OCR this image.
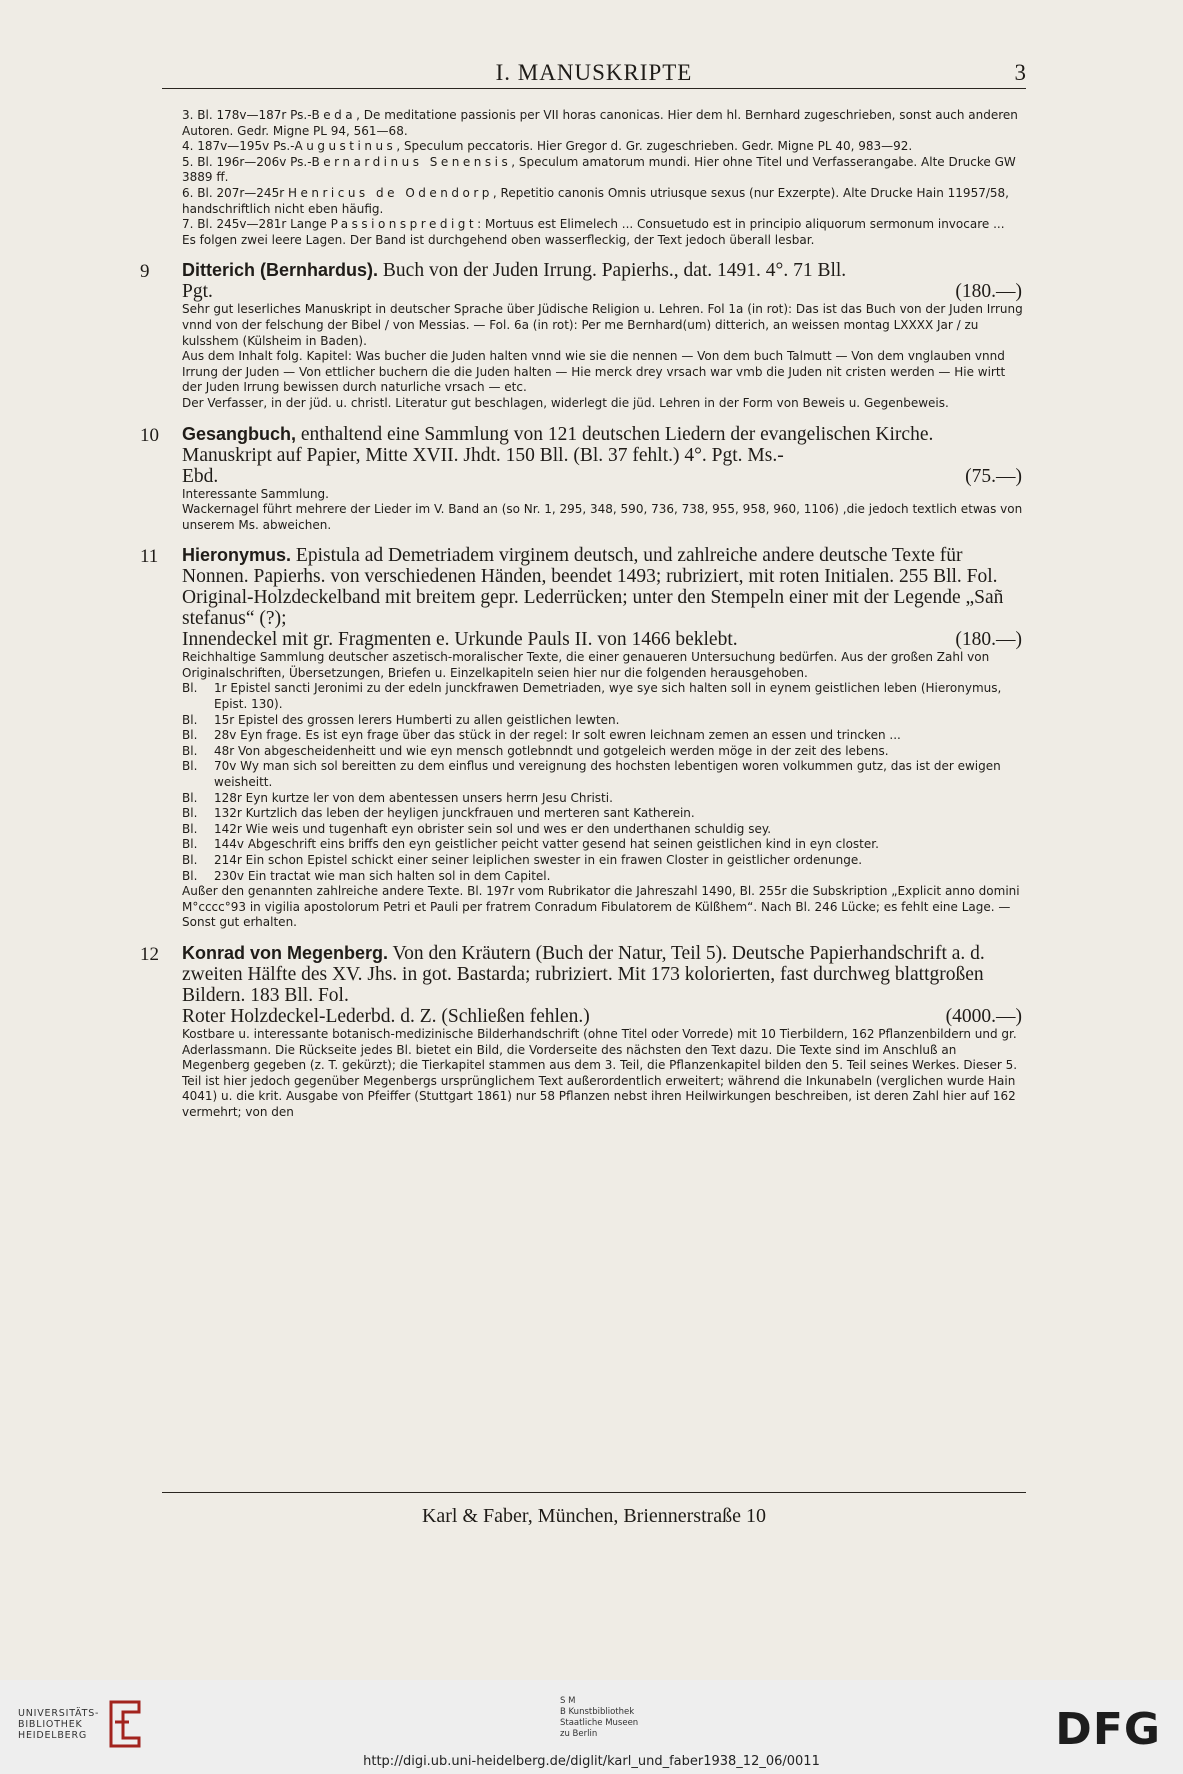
I. MANUSKRIPTE	3

3. Bl. 178v—187r Ps.-Beda, De meditatione passionis per VII horas canonicas. Hier dem hl. Bernhard zugeschrieben, sonst auch anderen Autoren. Gedr. Migne PL 94, 561—68.

4. 187v—195v Ps.-Augustinus, Speculum peccatoris. Hier Gregor d. Gr. zugeschrieben. Gedr. Migne PL 40, 983—92.

5. Bl. 196r—206v Ps.-Bernardinus Senensis, Speculum amatorum mundi. Hier ohne Titel und Verfasserangabe. Alte Drucke GW 3889 ff.

6. Bl. 207r—245r Henricus de Odendorp, Repetitio canonis Omnis utriusque sexus (nur Exzerpte). Alte Drucke Hain 11957/58, handschriftlich nicht eben häufig.

7. Bl. 245v—281r Lange Passionspredigt: Mortuus est Elimelech ... Consuetudo est in principio aliquorum sermonum invocare ...

Es folgen zwei leere Lagen. Der Band ist durchgehend oben wasserfleckig, der Text jedoch überall lesbar.

9 Ditterich (Bernhardus). Buch von der Juden Irrung. Papierhs., dat. 1491. 4°. 71 Bll.
Pgt.	(180.—)

Sehr gut leserliches Manuskript in deutscher Sprache über Jüdische Religion u. Lehren. Fol 1a (in rot): Das ist das Buch von der Juden Irrung vnnd von der felschung der Bibel / von Messias. — Fol. 6a (in rot): Per me Bernhard(um) ditterich, an weissen montag LXXXX Jar / zu kulsshem (Külsheim in Baden).

Aus dem Inhalt folg. Kapitel: Was bucher die Juden halten vnnd wie sie die nennen — Von dem buch Talmutt — Von dem vnglauben vnnd Irrung der Juden — Von ettlicher buchern die die Juden halten — Hie merck drey vrsach war vmb die Juden nit cristen werden — Hie wirtt der Juden Irrung bewissen durch naturliche vrsach — etc.

Der Verfasser, in der jüd. u. christl. Literatur gut beschlagen, widerlegt die jüd. Lehren in der Form von Beweis u. Gegenbeweis.

10 Gesangbuch, enthaltend eine Sammlung von 121 deutschen Liedern der evangelischen Kirche. Manuskript auf Papier, Mitte XVII. Jhdt. 150 Bll. (Bl. 37 fehlt.) 4°. Pgt. Ms.-
Ebd.	(75.—)

Interessante Sammlung.

Wackernagel führt mehrere der Lieder im V. Band an (so Nr. 1, 295, 348, 590, 736, 738, 955, 958, 960, 1106) ,die jedoch textlich etwas von unserem Ms. abweichen.

11 Hieronymus. Epistula ad Demetriadem virginem deutsch, und zahlreiche andere deutsche Texte für Nonnen. Papierhs. von verschiedenen Händen, beendet 1493; rubriziert, mit roten Initialen. 255 Bll. Fol. Original-Holzdeckelband mit breitem gepr. Lederrücken; unter den Stempeln einer mit der Legende „Sañ stefanus“ (?);
Innendeckel mit gr. Fragmenten e. Urkunde Pauls II. von 1466 beklebt.	(180.—)

Reichhaltige Sammlung deutscher aszetisch-moralischer Texte, die einer genaueren Untersuchung bedürfen. Aus der großen Zahl von Originalschriften, Übersetzungen, Briefen u. Einzelkapiteln seien hier nur die folgenden herausgehoben.

Bl.	1r Epistel sancti Jeronimi zu der edeln junckfrawen Demetriaden, wye sye sich halten soll in eynem geistlichen leben (Hieronymus, Epist. 130).
Bl.	15r Epistel des grossen lerers Humberti zu allen geistlichen lewten.
Bl.	28v Eyn frage. Es ist eyn frage über das stück in der regel: Ir solt ewren leichnam zemen an essen und trincken ...
Bl.	48r Von abgescheidenheitt und wie eyn mensch gotlebnndt und gotgeleich werden möge in der zeit des lebens.
Bl.	70v Wy man sich sol bereitten zu dem einflus und vereignung des hochsten lebentigen woren volkummen gutz, das ist der ewigen weisheitt.
Bl.	128r Eyn kurtze ler von dem abentessen unsers herrn Jesu Christi.
Bl.	132r Kurtzlich das leben der heyligen junckfrauen und merteren sant Katherein.
Bl.	142r Wie weis und tugenhaft eyn obrister sein sol und wes er den underthanen schuldig sey.
Bl.	144v Abgeschrift eins briffs den eyn geistlicher peicht vatter gesend hat seinen geistlichen kind in eyn closter.
Bl.	214r Ein schon Epistel schickt einer seiner leiplichen swester in ein frawen Closter in geistlicher ordenunge.
Bl.	230v Ein tractat wie man sich halten sol in dem Capitel.

Außer den genannten zahlreiche andere Texte. Bl. 197r vom Rubrikator die Jahreszahl 1490, Bl. 255r die Subskription „Explicit anno domini M°cccc°93 in vigilia apostolorum Petri et Pauli per fratrem Conradum Fibulatorem de Külßhem“. Nach Bl. 246 Lücke; es fehlt eine Lage. — Sonst gut erhalten.

12 Konrad von Megenberg. Von den Kräutern (Buch der Natur, Teil 5). Deutsche Papierhandschrift a. d. zweiten Hälfte des XV. Jhs. in got. Bastarda; rubriziert. Mit 173 kolorierten, fast durchweg blattgroßen Bildern. 183 Bll. Fol.
Roter Holzdeckel-Lederbd. d. Z. (Schließen fehlen.)	(4000.—)

Kostbare u. interessante botanisch-medizinische Bilderhandschrift (ohne Titel oder Vorrede) mit 10 Tierbildern, 162 Pflanzenbildern und gr. Aderlassmann. Die Rückseite jedes Bl. bietet ein Bild, die Vorderseite des nächsten den Text dazu. Die Texte sind im Anschluß an Megenberg gegeben (z. T. gekürzt); die Tierkapitel stammen aus dem 3. Teil, die Pflanzenkapitel bilden den 5. Teil seines Werkes. Dieser 5. Teil ist hier jedoch gegenüber Megenbergs ursprünglichem Text außerordentlich erweitert; während die Inkunabeln (verglichen wurde Hain 4041) u. die krit. Ausgabe von Pfeiffer (Stuttgart 1861) nur 58 Pflanzen nebst ihren Heilwirkungen beschreiben, ist deren Zahl hier auf 162 vermehrt; von den

Karl & Faber, München, Briennerstraße 10
UNIVERSITÄTS-
BIBLIOTHEK
HEIDELBERG
S M
B Kunstbibliothek
Staatliche Museen
zu Berlin	DFG
http://digi.ub.uni-heidelberg.de/diglit/karl_und_faber1938_12_06/0011
